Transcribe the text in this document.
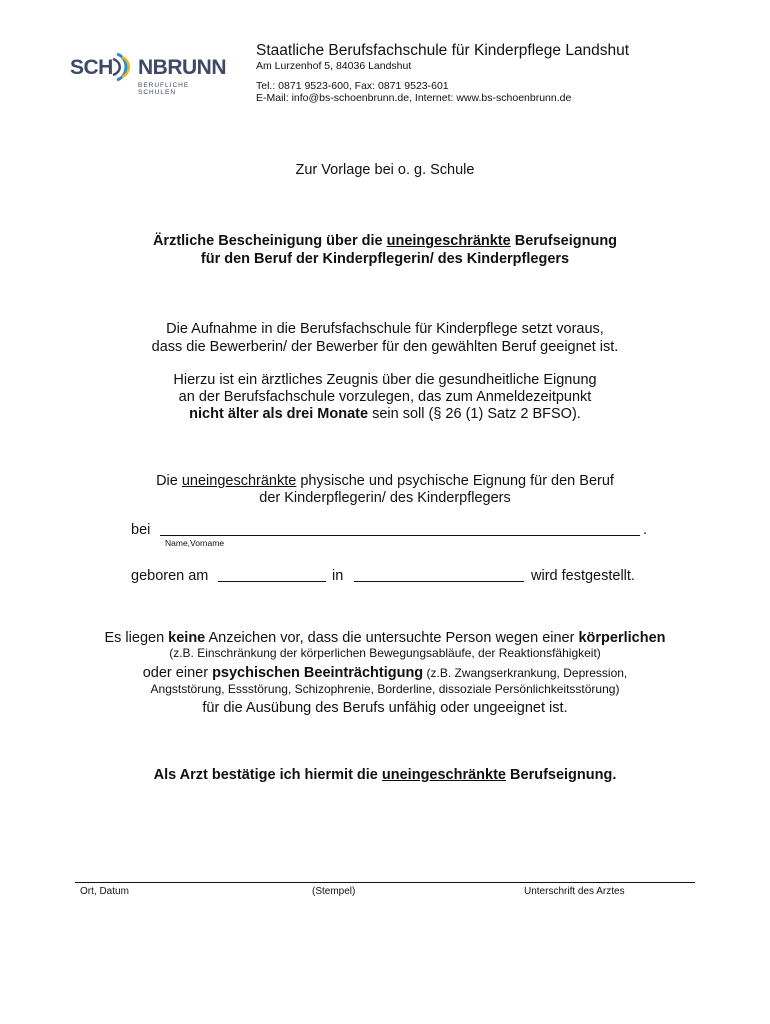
SCH NBRUNN
BERUFLICHE SCHULEN
Staatliche Berufsfachschule für Kinderpflege Landshut
Am Lurzenhof 5, 84036 Landshut
Tel.: 0871 9523-600, Fax: 0871 9523-601
E-Mail: info@bs-schoenbrunn.de, Internet: www.bs-schoenbrunn.de
Zur Vorlage bei o. g. Schule
Ärztliche Bescheinigung über die uneingeschränkte Berufseignung
für den Beruf der Kinderpflegerin/ des Kinderpflegers
Die Aufnahme in die Berufsfachschule für Kinderpflege setzt voraus,
dass die Bewerberin/ der Bewerber für den gewählten Beruf geeignet ist.
Hierzu ist ein ärztliches Zeugnis über die gesundheitliche Eignung
an der Berufsfachschule vorzulegen, das zum Anmeldezeitpunkt
nicht älter als drei Monate sein soll (§ 26 (1) Satz 2 BFSO).
Die uneingeschränkte physische und psychische Eignung für den Beruf
der Kinderpflegerin/ des Kinderpflegers
bei	.
Name,Vorname
geboren am	in	wird festgestellt.
Es liegen keine Anzeichen vor, dass die untersuchte Person wegen einer körperlichen
(z.B. Einschränkung der körperlichen Bewegungsabläufe, der Reaktionsfähigkeit)
oder einer psychischen Beeinträchtigung (z.B. Zwangserkrankung, Depression,
Angststörung, Essstörung, Schizophrenie, Borderline, dissoziale Persönlichkeitsstörung)
für die Ausübung des Berufs unfähig oder ungeeignet ist.
Als Arzt bestätige ich hiermit die uneingeschränkte Berufseignung.
Ort, Datum	(Stempel)	Unterschrift des Arztes
